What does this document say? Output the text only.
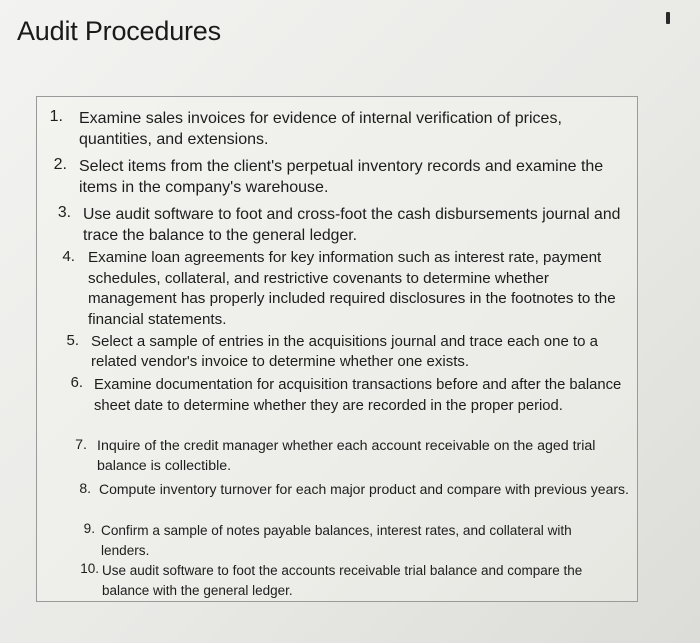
Audit Procedures
1. Examine sales invoices for evidence of internal verification of prices, quantities, and extensions.
2. Select items from the client's perpetual inventory records and examine the items in the company's warehouse.
3. Use audit software to foot and cross-foot the cash disbursements journal and trace the balance to the general ledger.
4. Examine loan agreements for key information such as interest rate, payment schedules, collateral, and restrictive covenants to determine whether management has properly included required disclosures in the footnotes to the financial statements.
5. Select a sample of entries in the acquisitions journal and trace each one to a related vendor's invoice to determine whether one exists.
6. Examine documentation for acquisition transactions before and after the balance sheet date to determine whether they are recorded in the proper period.
7. Inquire of the credit manager whether each account receivable on the aged trial balance is collectible.
8. Compute inventory turnover for each major product and compare with previous years.
9. Confirm a sample of notes payable balances, interest rates, and collateral with lenders.
10. Use audit software to foot the accounts receivable trial balance and compare the balance with the general ledger.
